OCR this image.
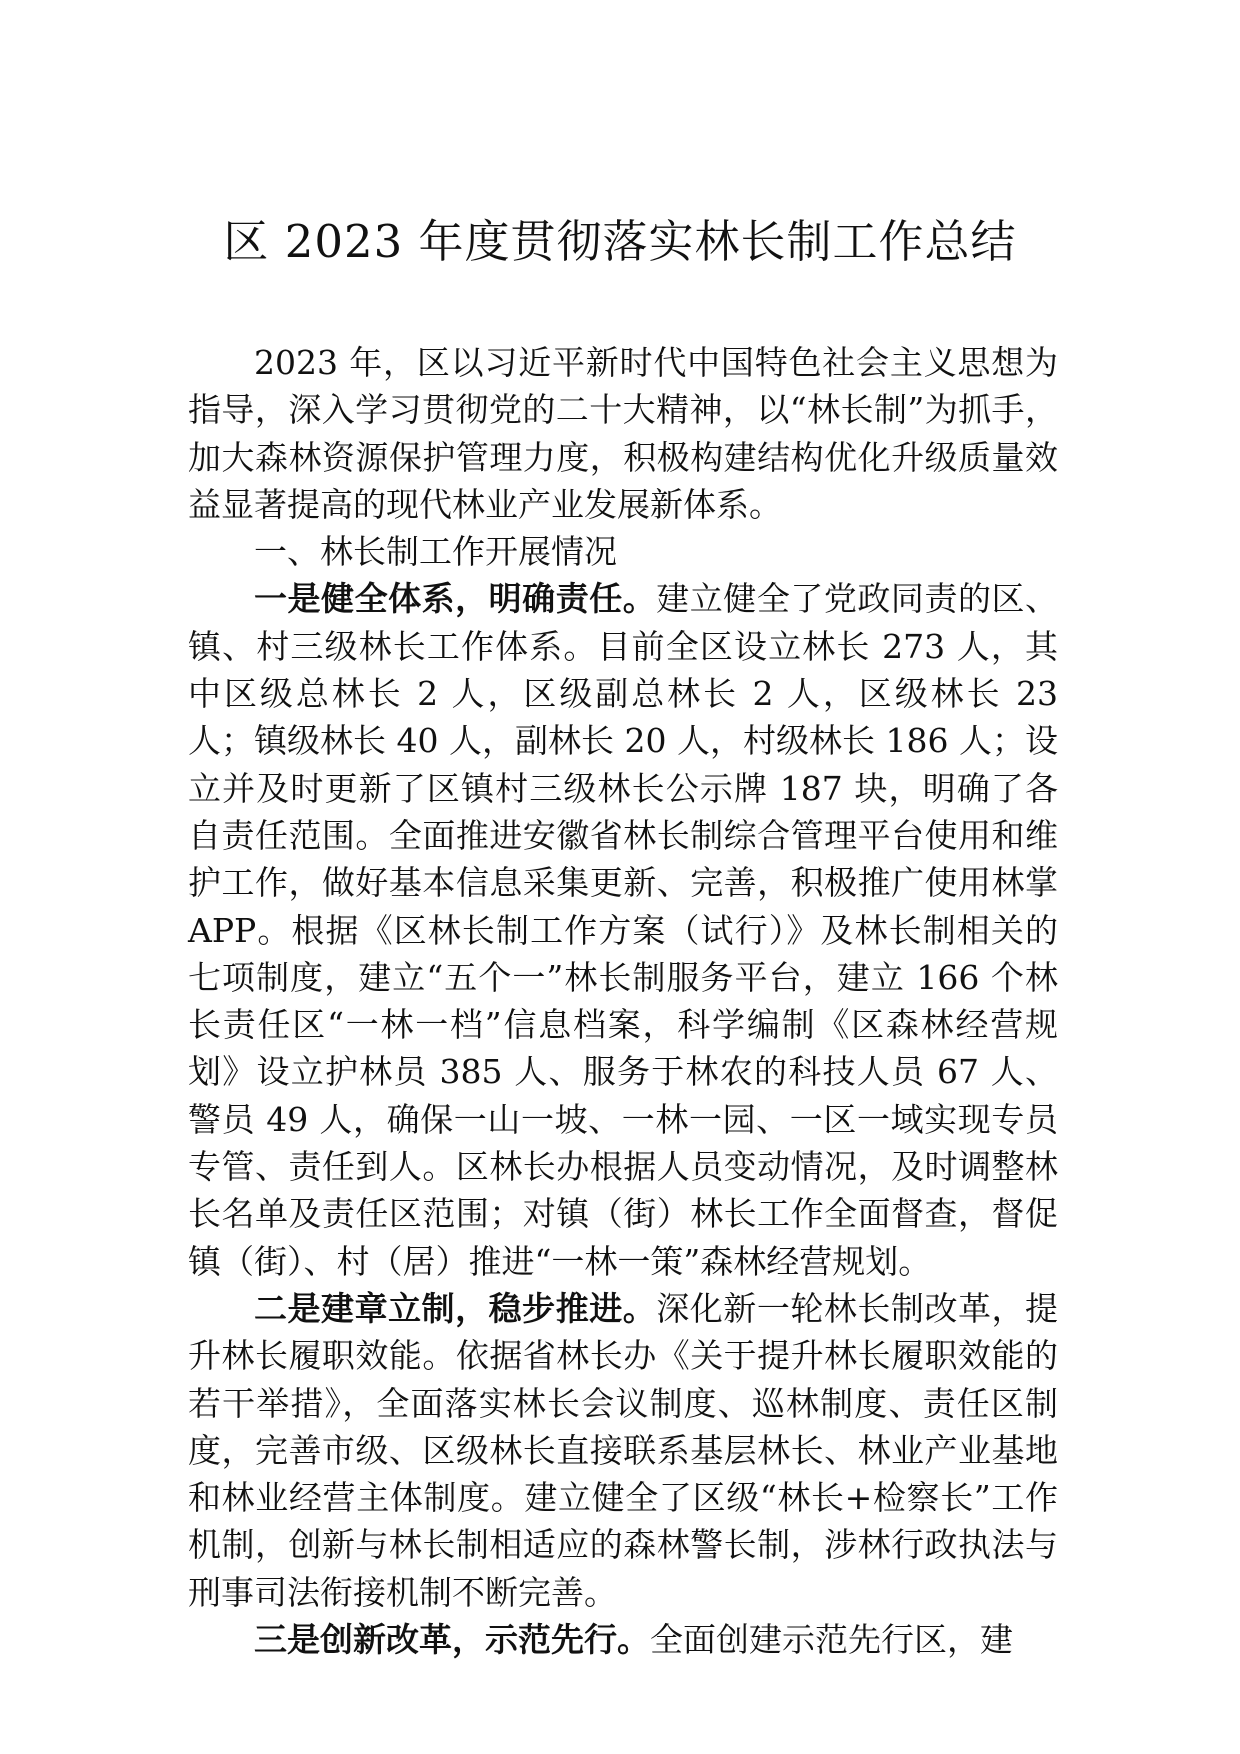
区 2023 年度贯彻落实林长制工作总结

2023 年，区以习近平新时代中国特色社会主义思想为指导，深入学习贯彻党的二十大精神，以“林长制”为抓手，加大森林资源保护管理力度，积极构建结构优化升级质量效益显著提高的现代林业产业发展新体系。

一、林长制工作开展情况

一是健全体系，明确责任。建立健全了党政同责的区、镇、村三级林长工作体系。目前全区设立林长 273 人，其中区级总林长 2 人，区级副总林长 2 人，区级林长 23 人；镇级林长 40 人，副林长 20 人，村级林长 186 人；设立并及时更新了区镇村三级林长公示牌 187 块，明确了各自责任范围。全面推进安徽省林长制综合管理平台使用和维护工作，做好基本信息采集更新、完善，积极推广使用林掌 APP。根据《区林长制工作方案（试行）》及林长制相关的七项制度，建立“五个一”林长制服务平台，建立 166 个林长责任区“一林一档”信息档案，科学编制《区森林经营规划》设立护林员 385 人、服务于林农的科技人员 67 人、警员 49 人，确保一山一坡、一林一园、一区一域实现专员专管、责任到人。区林长办根据人员变动情况，及时调整林长名单及责任区范围；对镇（街）林长工作全面督查，督促镇（街）、村（居）推进“一林一策”森林经营规划。

二是建章立制，稳步推进。深化新一轮林长制改革，提升林长履职效能。依据省林长办《关于提升林长履职效能的若干举措》，全面落实林长会议制度、巡林制度、责任区制度，完善市级、区级林长直接联系基层林长、林业产业基地和林业经营主体制度。建立健全了区级“林长+检察长”工作机制，创新与林长制相适应的森林警长制，涉林行政执法与刑事司法衔接机制不断完善。

三是创新改革，示范先行。全面创建示范先行区，建
